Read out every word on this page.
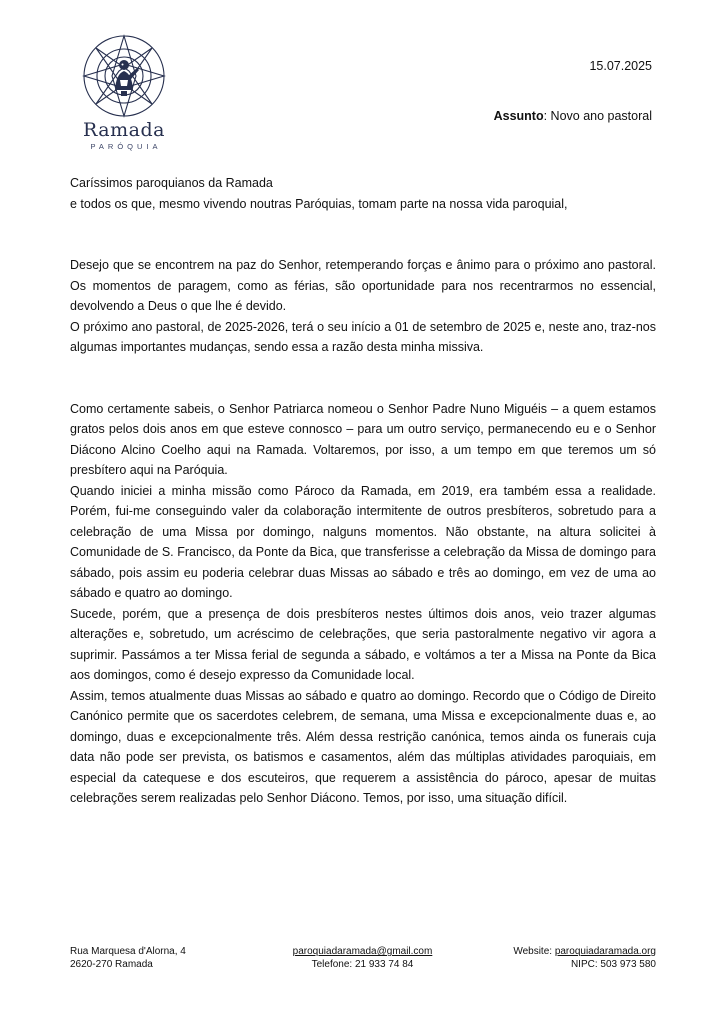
Ramada
PARÓQUIA
15.07.2025
Assunto: Novo ano pastoral

Caríssimos paroquianos da Ramada

e todos os que, mesmo vivendo noutras Paróquias, tomam parte na nossa vida paroquial,

Desejo que se encontrem na paz do Senhor, retemperando forças e ânimo para o próximo ano pastoral. Os momentos de paragem, como as férias, são oportunidade para nos recentrarmos no essencial, devolvendo a Deus o que lhe é devido.

O próximo ano pastoral, de 2025-2026, terá o seu início a 01 de setembro de 2025 e, neste ano, traz-nos algumas importantes mudanças, sendo essa a razão desta minha missiva.

Como certamente sabeis, o Senhor Patriarca nomeou o Senhor Padre Nuno Miguéis – a quem estamos gratos pelos dois anos em que esteve connosco – para um outro serviço, permanecendo eu e o Senhor Diácono Alcino Coelho aqui na Ramada. Voltaremos, por isso, a um tempo em que teremos um só presbítero aqui na Paróquia.

Quando iniciei a minha missão como Pároco da Ramada, em 2019, era também essa a realidade. Porém, fui-me conseguindo valer da colaboração intermitente de outros presbíteros, sobretudo para a celebração de uma Missa por domingo, nalguns momentos. Não obstante, na altura solicitei à Comunidade de S. Francisco, da Ponte da Bica, que transferisse a celebração da Missa de domingo para sábado, pois assim eu poderia celebrar duas Missas ao sábado e três ao domingo, em vez de uma ao sábado e quatro ao domingo.

Sucede, porém, que a presença de dois presbíteros nestes últimos dois anos, veio trazer algumas alterações e, sobretudo, um acréscimo de celebrações, que seria pastoralmente negativo vir agora a suprimir. Passámos a ter Missa ferial de segunda a sábado, e voltámos a ter a Missa na Ponte da Bica aos domingos, como é desejo expresso da Comunidade local.

Assim, temos atualmente duas Missas ao sábado e quatro ao domingo. Recordo que o Código de Direito Canónico permite que os sacerdotes celebrem, de semana, uma Missa e excepcionalmente duas e, ao domingo, duas e excepcionalmente três. Além dessa restrição canónica, temos ainda os funerais cuja data não pode ser prevista, os batismos e casamentos, além das múltiplas atividades paroquiais, em especial da catequese e dos escuteiros, que requerem a assistência do pároco, apesar de muitas celebrações serem realizadas pelo Senhor Diácono. Temos, por isso, uma situação difícil.

Rua Marquesa d'Alorna, 4
2620-270 Ramada
paroquiadaramada@gmail.com
Telefone: 21 933 74 84
Website: paroquiadaramada.org
NIPC: 503 973 580
